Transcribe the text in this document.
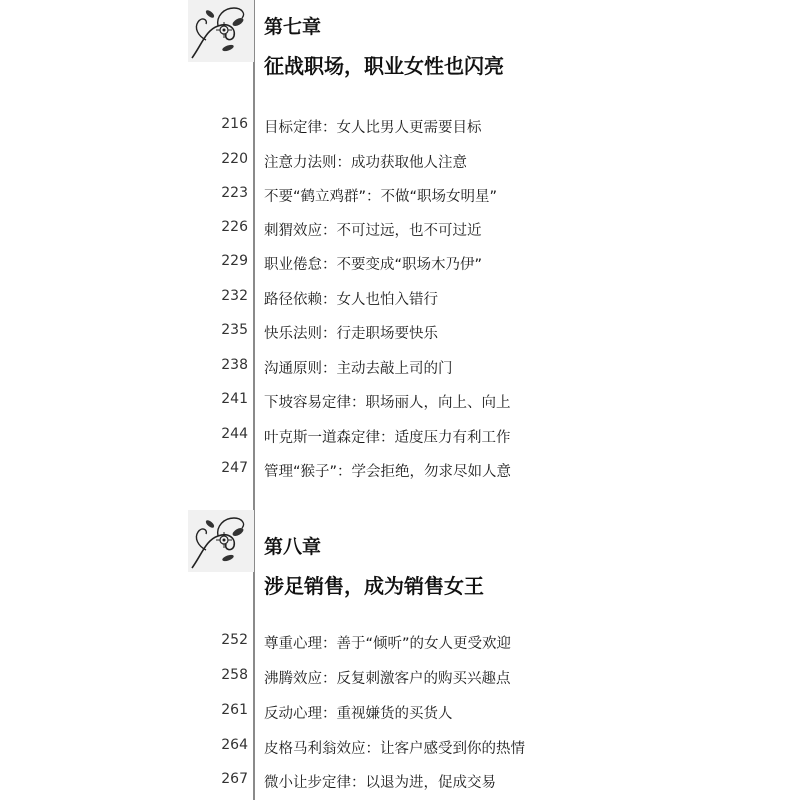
第七章
征战职场，职业女性也闪亮
216 目标定律：女人比男人更需要目标
220 注意力法则：成功获取他人注意
223 不要“鹤立鸡群”：不做“职场女明星”
226 刺猬效应：不可过远，也不可过近
229 职业倦怠：不要变成“职场木乃伊”
232 路径依赖：女人也怕入错行
235 快乐法则：行走职场要快乐
238 沟通原则：主动去敲上司的门
241 下坡容易定律：职场丽人，向上、向上
244 叶克斯一道森定律：适度压力有利工作
247 管理“猴子”：学会拒绝，勿求尽如人意
第八章
涉足销售，成为销售女王
252 尊重心理：善于“倾听”的女人更受欢迎
258 沸腾效应：反复刺激客户的购买兴趣点
261 反动心理：重视嫌货的买货人
264 皮格马利翁效应：让客户感受到你的热情
267 微小让步定律：以退为进，促成交易
